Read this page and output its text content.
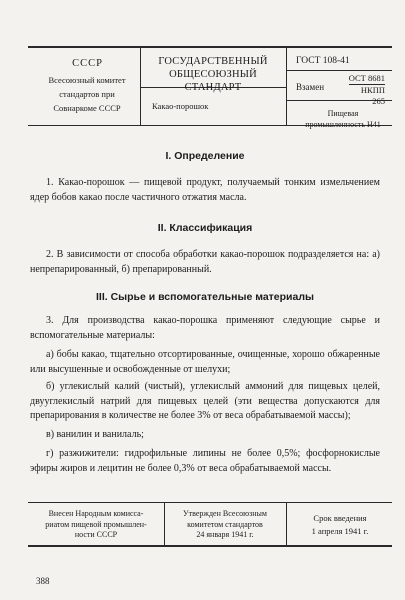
СССР
Всесоюзный комитет
стандартов при
Совнаркоме СССР
ГОСУДАРСТВЕННЫЙ
ОБЩЕСОЮЗНЫЙ СТАНДАРТ
Какао-порошок
ГОСТ 108-41
Взамен
ОСТ 8681
НКПП 265
Пищевая
промышленность Н41
I. Определение

1. Какао-порошок — пищевой продукт, получаемый тонким измельчением ядер бобов какао после частичного отжатия масла.

II. Классификация

2. В зависимости от способа обработки какао-порошок подразделяется на: а) непрепарированный, б) препарированный.

III. Сырье и вспомогательные материалы

3. Для производства какао-порошка применяют следующие сырье и вспомогательные материалы:

а) бобы какао, тщательно отсортированные, очищенные, хорошо обжаренные или высушенные и освобожденные от шелухи;

б) углекислый калий (чистый), углекислый аммоний для пищевых целей, двууглекислый натрий для пищевых целей (эти вещества допускаются для препарирования в количестве не более 3% от веса обрабатываемой массы);

в) ванилин и ванилаль;

г) разжижители: гидрофильные липины не более 0,5%; фосфорнокислые эфиры жиров и лецитин не более 0,3% от веса обрабатываемой массы.

Внесен Народным комисса-
риатом пищевой промышлен-
ности СССР
Утвержден Всесоюзным
комитетом стандартов
24 января 1941 г.
Срок введения
1 апреля 1941 г.
388
